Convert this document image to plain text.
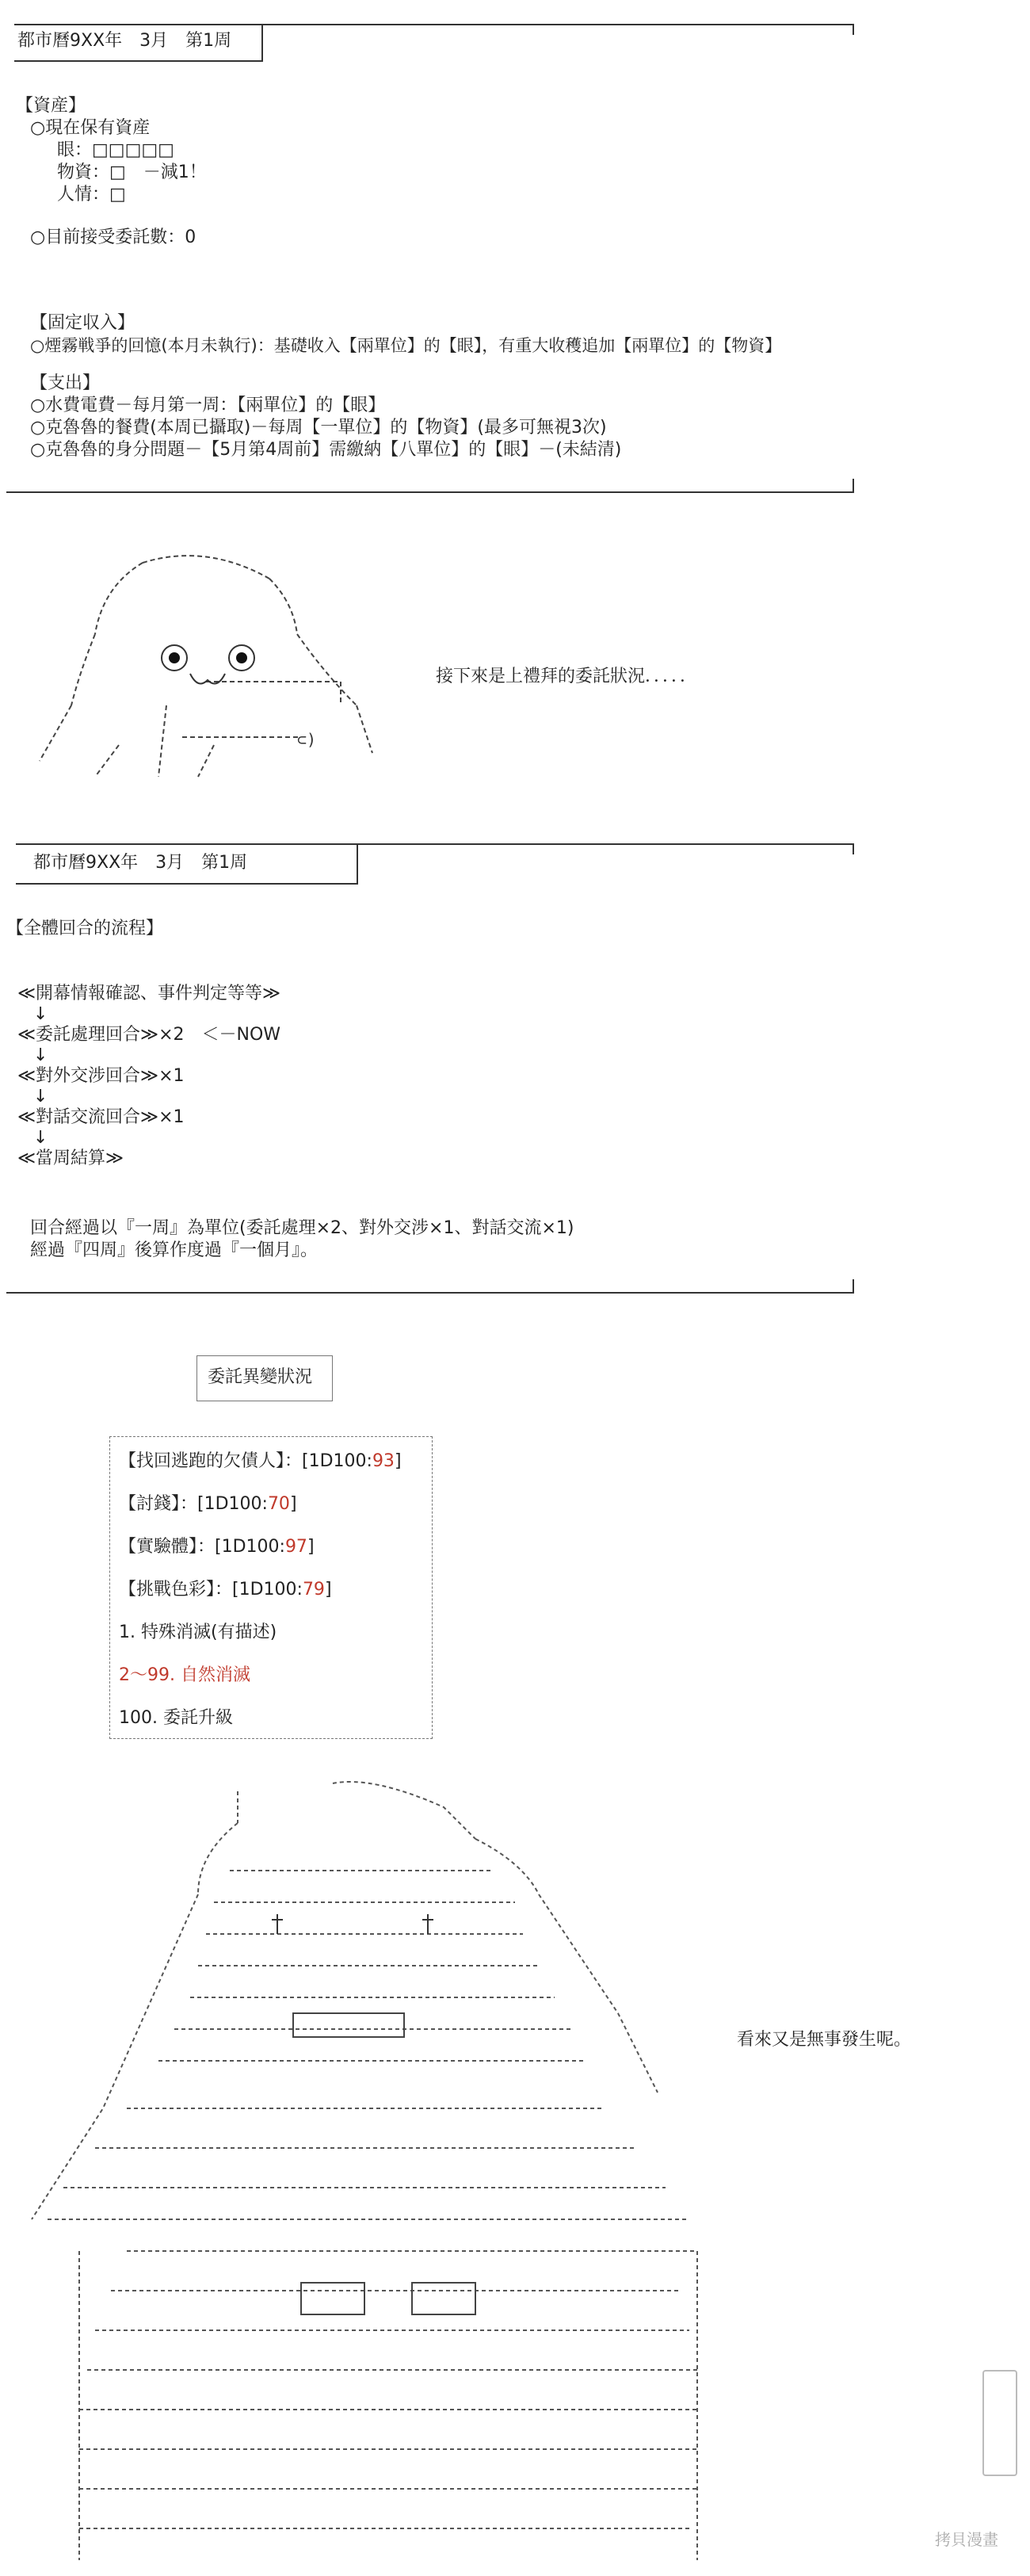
都市曆9XX年　3月　第1周
【資産】
○現在保有資産
眼：□□□□□
物資：□　－減1！
人情：□
○目前接受委託數：0
【固定収入】
○煙霧戦爭的回憶(本月未執行)：基礎收入【兩單位】的【眼】，有重大收穫追加【兩單位】的【物資】
【支出】
○水費電費－每月第一周：【兩單位】的【眼】
○克魯魯的餐費(本周已攝取)－每周【一單位】的【物資】(最多可無視3次)
○克魯魯的身分問題－【5月第4周前】需繳納【八單位】的【眼】－(未結清)
⊂)
接下來是上禮拜的委託狀況．．．．．
都市曆9XX年　3月　第1周
【全體回合的流程】
≪開幕情報確認、事件判定等等≫
↓
≪委託處理回合≫×2　＜－NOW
↓
≪對外交涉回合≫×1
↓
≪對話交流回合≫×1
↓
≪當周結算≫
回合經過以『一周』為單位(委託處理×2、對外交涉×1、對話交流×1)
經過『四周』後算作度過『一個月』。
委託異變狀況
【找回逃跑的欠債人】：[1D100:93]
【討錢】：[1D100:70]
【實驗體】：[1D100:97]
【挑戰色彩】：[1D100:79]
1. 特殊消滅(有描述)
2～99. 自然消滅
100. 委託升級
看來又是無事發生呢。
拷貝漫畫
